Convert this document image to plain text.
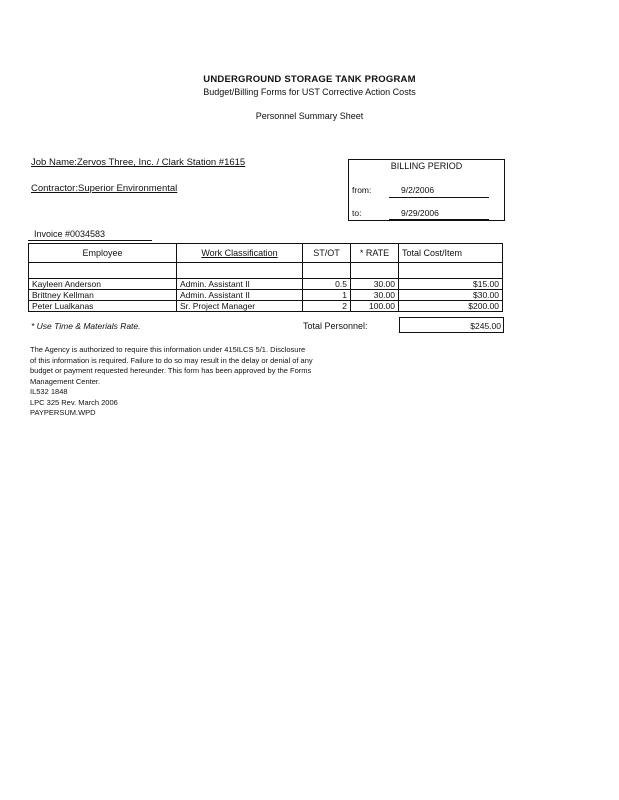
UNDERGROUND STORAGE TANK PROGRAM
Budget/Billing Forms for UST Corrective Action Costs
Personnel Summary Sheet
Job Name:Zervos Three, Inc. / Clark Station #1615
Contractor:Superior Environmental
BILLING PERIOD
from:	9/2/2006
to:	9/29/2006
Invoice #0034583
Employee	Work Classification	ST/OT	* RATE	Total Cost/Item

Kayleen Anderson	Admin. Assistant II	0.5	30.00	$15.00
Brittney Kellman	Admin. Assistant II	1	30.00	$30.00
Peter Lualkanas	Sr. Project Manager	2	100.00	$200.00
* Use Time & Materials Rate.	Total Personnel:	$245.00
The Agency is authorized to require this information under 415ILCS 5/1. Disclosure
of this information is required. Failure to do so may result in the delay or denial of any
budget or payment requested hereunder. This form has been approved by the Forms
Management Center.
IL532 1848
LPC 325 Rev. March 2006
PAYPERSUM.WPD
